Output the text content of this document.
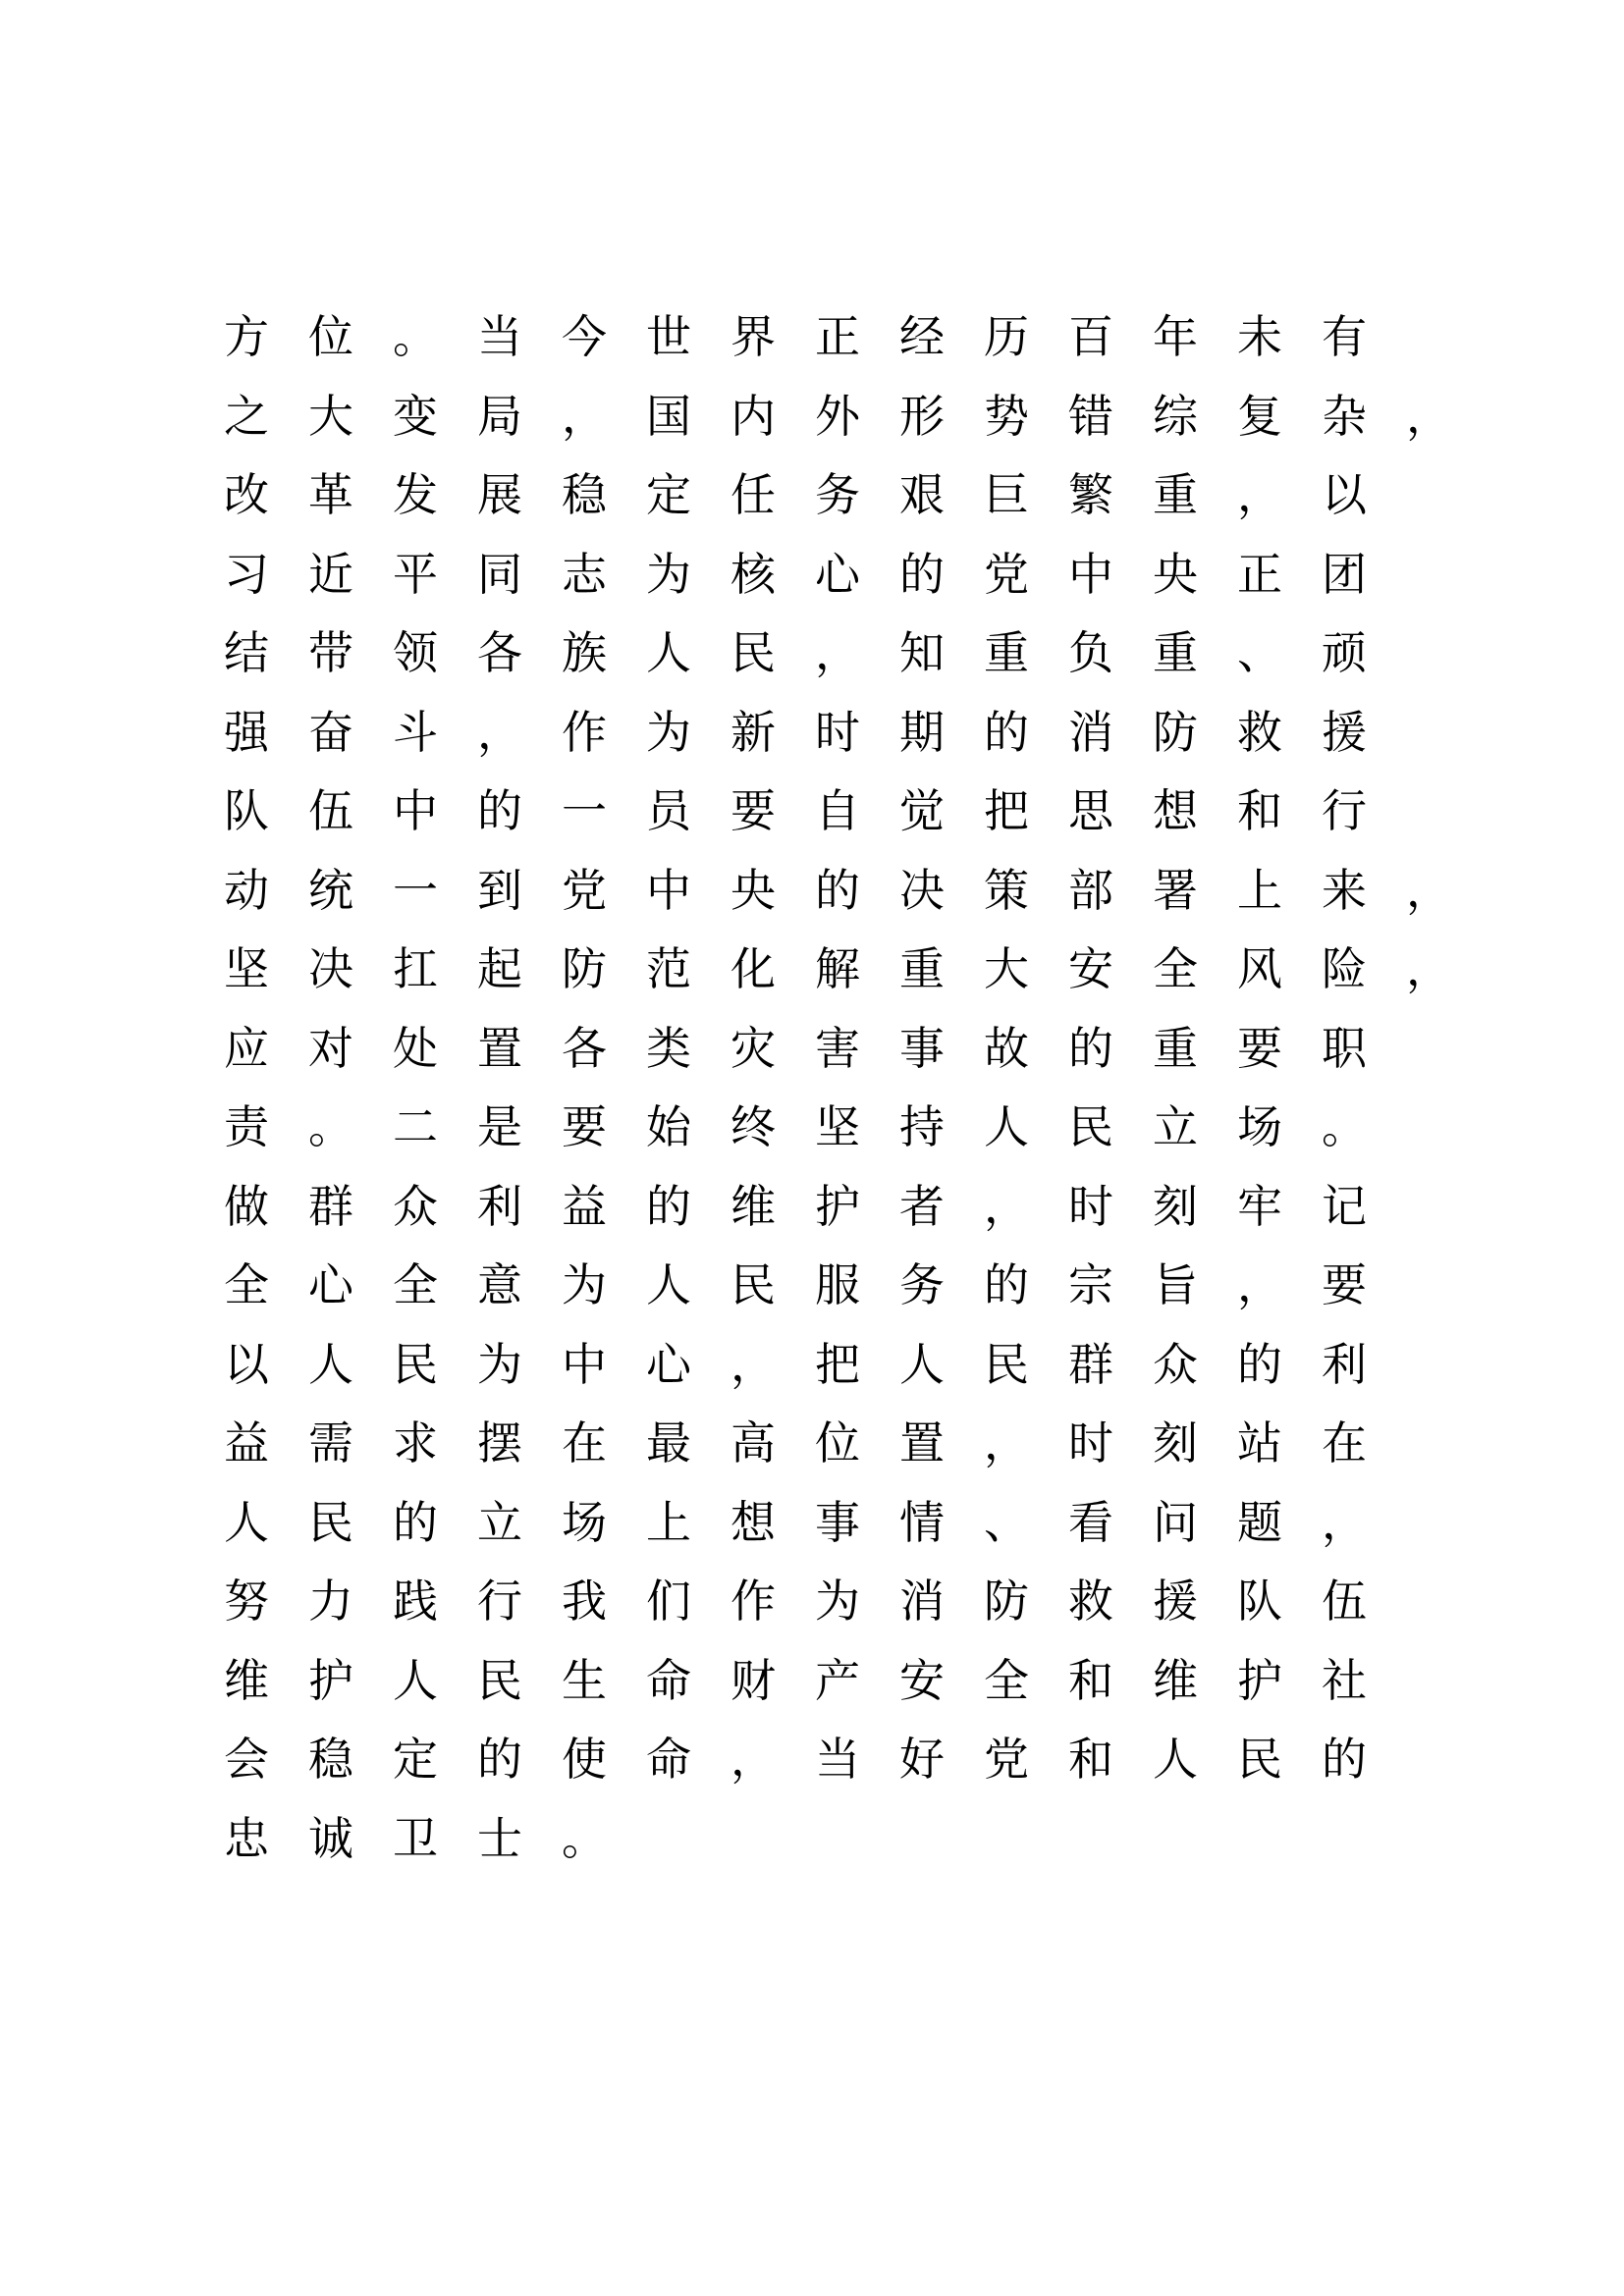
方位。当今世界正经历百年未有
之大变局，国内外形势错综复杂，
改革发展稳定任务艰巨繁重，以
习近平同志为核心的党中央正团
结带领各族人民，知重负重、顽
强奋斗，作为新时期的消防救援
队伍中的一员要自觉把思想和行
动统一到党中央的决策部署上来，
坚决扛起防范化解重大安全风险，
应对处置各类灾害事故的重要职
责。二是要始终坚持人民立场。
做群众利益的维护者，时刻牢记
全心全意为人民服务的宗旨，要
以人民为中心，把人民群众的利
益需求摆在最高位置，时刻站在
人民的立场上想事情、看问题，
努力践行我们作为消防救援队伍
维护人民生命财产安全和维护社
会稳定的使命，当好党和人民的
忠诚卫士。
